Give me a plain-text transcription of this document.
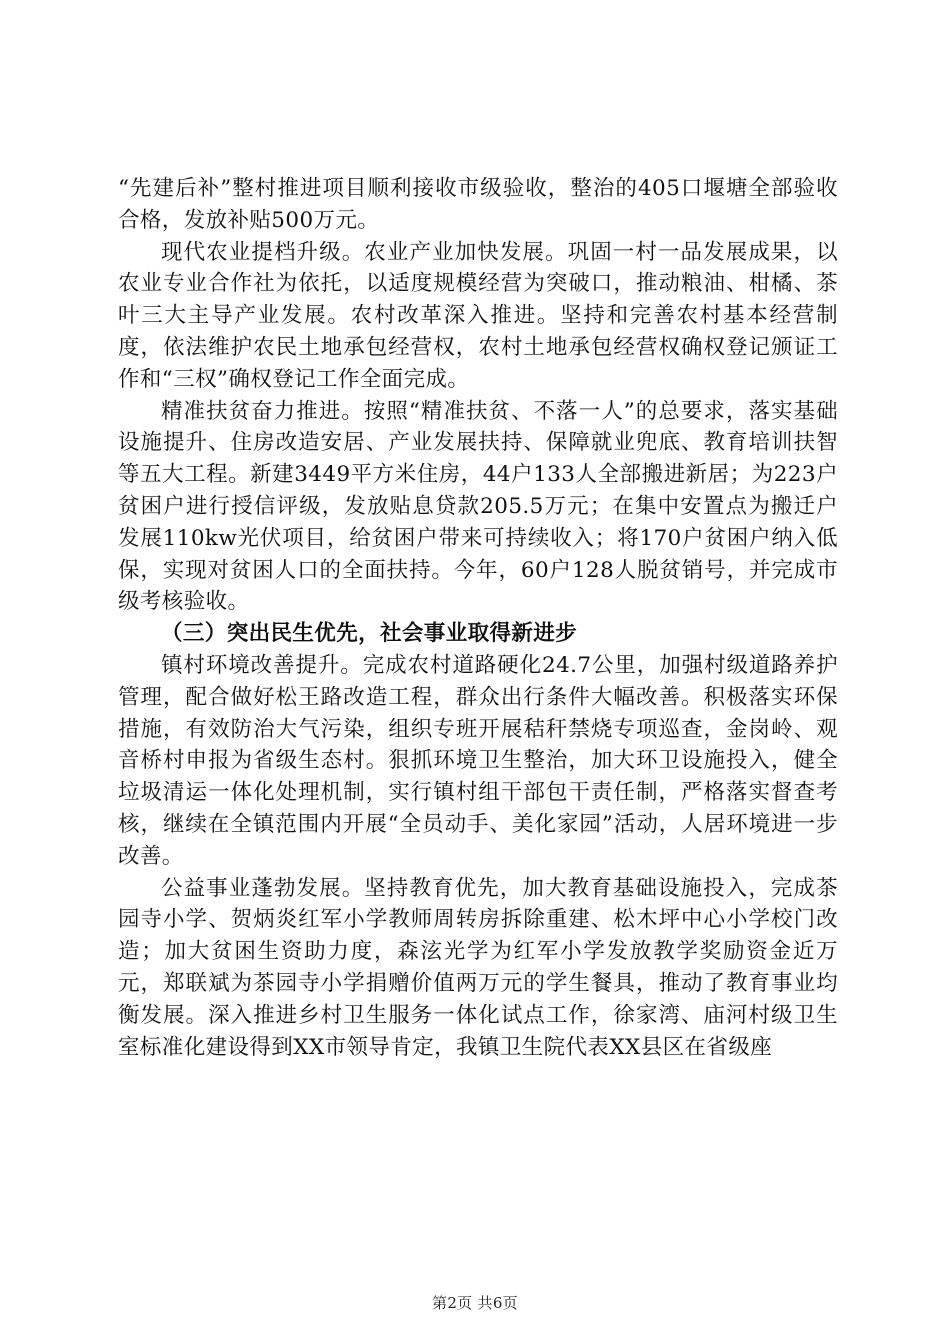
“先建后补”整村推进项目顺利接收市级验收，整治的405口堰塘全部验收合格，发放补贴500万元。

现代农业提档升级。农业产业加快发展。巩固一村一品发展成果，以农业专业合作社为依托，以适度规模经营为突破口，推动粮油、柑橘、茶叶三大主导产业发展。农村改革深入推进。坚持和完善农村基本经营制度，依法维护农民土地承包经营权，农村土地承包经营权确权登记颁证工作和“三权”确权登记工作全面完成。

精准扶贫奋力推进。按照“精准扶贫、不落一人”的总要求，落实基础设施提升、住房改造安居、产业发展扶持、保障就业兜底、教育培训扶智等五大工程。新建3449平方米住房，44户133人全部搬进新居；为223户贫困户进行授信评级，发放贴息贷款205.5万元；在集中安置点为搬迁户发展110kw光伏项目，给贫困户带来可持续收入；将170户贫困户纳入低保，实现对贫困人口的全面扶持。今年，60户128人脱贫销号，并完成市级考核验收。

（三）突出民生优先，社会事业取得新进步

镇村环境改善提升。完成农村道路硬化24.7公里，加强村级道路养护管理，配合做好松王路改造工程，群众出行条件大幅改善。积极落实环保措施，有效防治大气污染，组织专班开展秸秆禁烧专项巡查，金岗岭、观音桥村申报为省级生态村。狠抓环境卫生整治，加大环卫设施投入，健全垃圾清运一体化处理机制，实行镇村组干部包干责任制，严格落实督查考核，继续在全镇范围内开展“全员动手、美化家园”活动，人居环境进一步改善。

公益事业蓬勃发展。坚持教育优先，加大教育基础设施投入，完成茶园寺小学、贺炳炎红军小学教师周转房拆除重建、松木坪中心小学校门改造；加大贫困生资助力度，森泫光学为红军小学发放教学奖励资金近万元，郑联斌为茶园寺小学捐赠价值两万元的学生餐具，推动了教育事业均衡发展。深入推进乡村卫生服务一体化试点工作，徐家湾、庙河村级卫生室标准化建设得到XX市领导肯定，我镇卫生院代表XX县区在省级座

第2页 共6页
